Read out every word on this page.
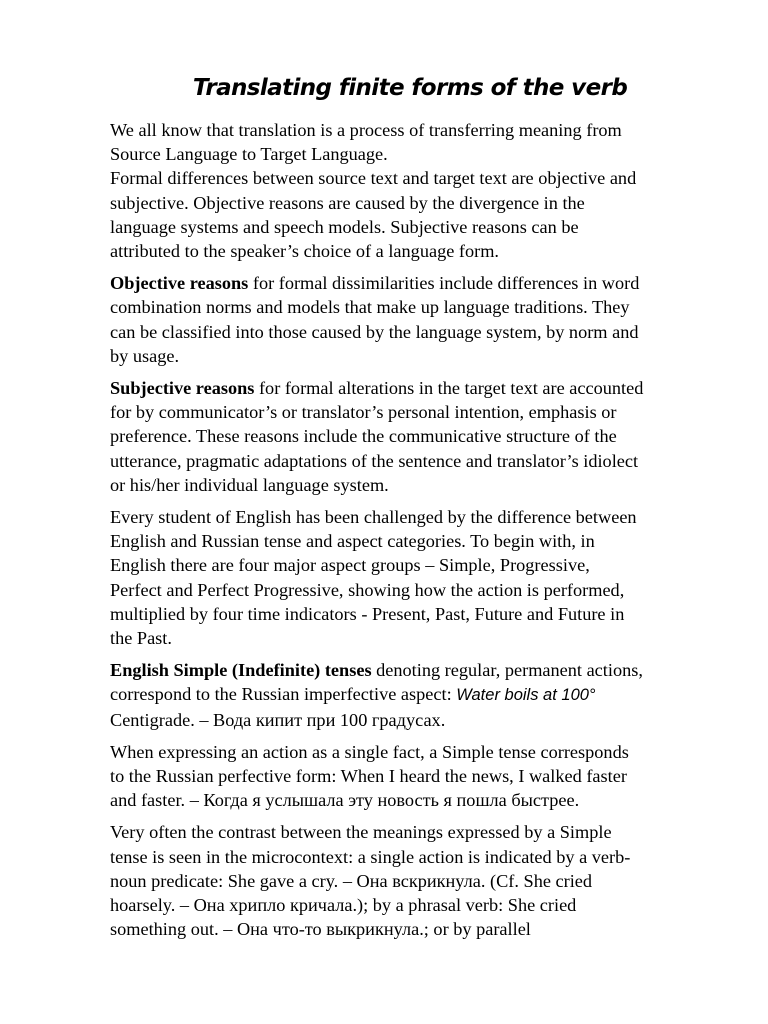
Translating finite forms of the verb

We all know that translation is a process of transferring meaning from
Source Language to Target Language.
Formal differences between source text and target text are objective and
subjective. Objective reasons are caused by the divergence in the
language systems and speech models. Subjective reasons can be
attributed to the speaker’s choice of a language form.

Objective reasons for formal dissimilarities include differences in word
combination norms and models that make up language traditions. They
can be classified into those caused by the language system, by norm and
by usage.

Subjective reasons for formal alterations in the target text are accounted
for by communicator’s or translator’s personal intention, emphasis or
preference. These reasons include the communicative structure of the
utterance, pragmatic adaptations of the sentence and translator’s idiolect
or his/her individual language system.

Every student of English has been challenged by the difference between
English and Russian tense and aspect categories. To begin with, in
English there are four major aspect groups – Simple, Progressive,
Perfect and Perfect Progressive, showing how the action is performed,
multiplied by four time indicators - Present, Past, Future and Future in
the Past.

English Simple (Indefinite) tenses denoting regular, permanent actions,
correspond to the Russian imperfective aspect: Water boils at 100°
Centigrade. – Вода кипит при 100 градусах.

When expressing an action as a single fact, a Simple tense corresponds
to the Russian perfective form: When I heard the news, I walked faster
and faster. – Когда я услышала эту новость я пошла быстрее.

Very often the contrast between the meanings expressed by a Simple
tense is seen in the microcontext: a single action is indicated by a verb-
noun predicate: She gave a cry. – Она вскрикнула. (Cf. She cried
hoarsely. – Она хрипло кричала.); by a phrasal verb: She cried
something out. – Она что-то выкрикнула.; or by parallel
